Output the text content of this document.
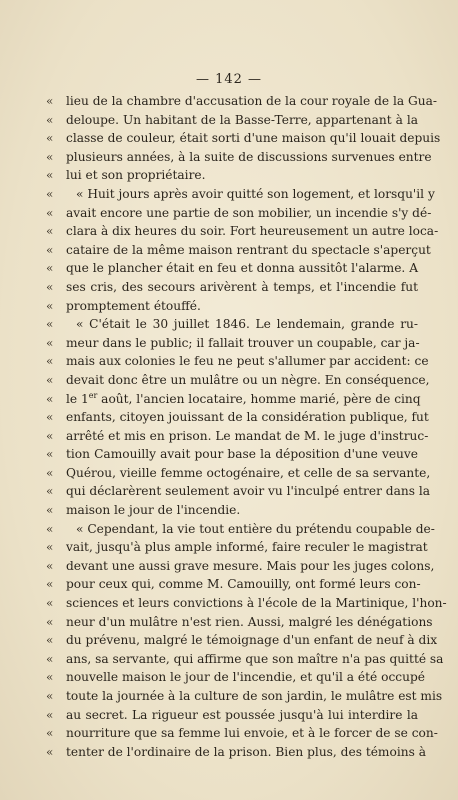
— 142 —
« lieu de la chambre d'accusation de la cour royale de la Gua-
« deloupe. Un habitant de la Basse-Terre, appartenant à la
« classe de couleur, était sorti d'une maison qu'il louait depuis
« plusieurs années, à la suite de discussions survenues entre
« lui et son propriétaire.
« « Huit jours après avoir quitté son logement, et lorsqu'il y
« avait encore une partie de son mobilier, un incendie s'y dé-
« clara à dix heures du soir. Fort heureusement un autre loca-
« cataire de la même maison rentrant du spectacle s'aperçut
« que le plancher était en feu et donna aussitôt l'alarme. A
« ses cris, des secours arivèrent à temps, et l'incendie fut
« promptement étouffé.
« « C'était le 30 juillet 1846. Le lendemain, grande ru-
« meur dans le public; il fallait trouver un coupable, car ja-
« mais aux colonies le feu ne peut s'allumer par accident: ce
« devait donc être un mulâtre ou un nègre. En conséquence,
« le 1er août, l'ancien locataire, homme marié, père de cinq
« enfants, citoyen jouissant de la considération publique, fut
« arrêté et mis en prison. Le mandat de M. le juge d'instruc-
« tion Camouilly avait pour base la déposition d'une veuve
« Quérou, vieille femme octogénaire, et celle de sa servante,
« qui déclarèrent seulement avoir vu l'inculpé entrer dans la
« maison le jour de l'incendie.
« « Cependant, la vie tout entière du prétendu coupable de-
« vait, jusqu'à plus ample informé, faire reculer le magistrat
« devant une aussi grave mesure. Mais pour les juges colons,
« pour ceux qui, comme M. Camouilly, ont formé leurs con-
« sciences et leurs convictions à l'école de la Martinique, l'hon-
« neur d'un mulâtre n'est rien. Aussi, malgré les dénégations
« du prévenu, malgré le témoignage d'un enfant de neuf à dix
« ans, sa servante, qui affirme que son maître n'a pas quitté sa
« nouvelle maison le jour de l'incendie, et qu'il a été occupé
« toute la journée à la culture de son jardin, le mulâtre est mis
« au secret. La rigueur est poussée jusqu'à lui interdire la
« nourriture que sa femme lui envoie, et à le forcer de se con-
« tenter de l'ordinaire de la prison. Bien plus, des témoins à
